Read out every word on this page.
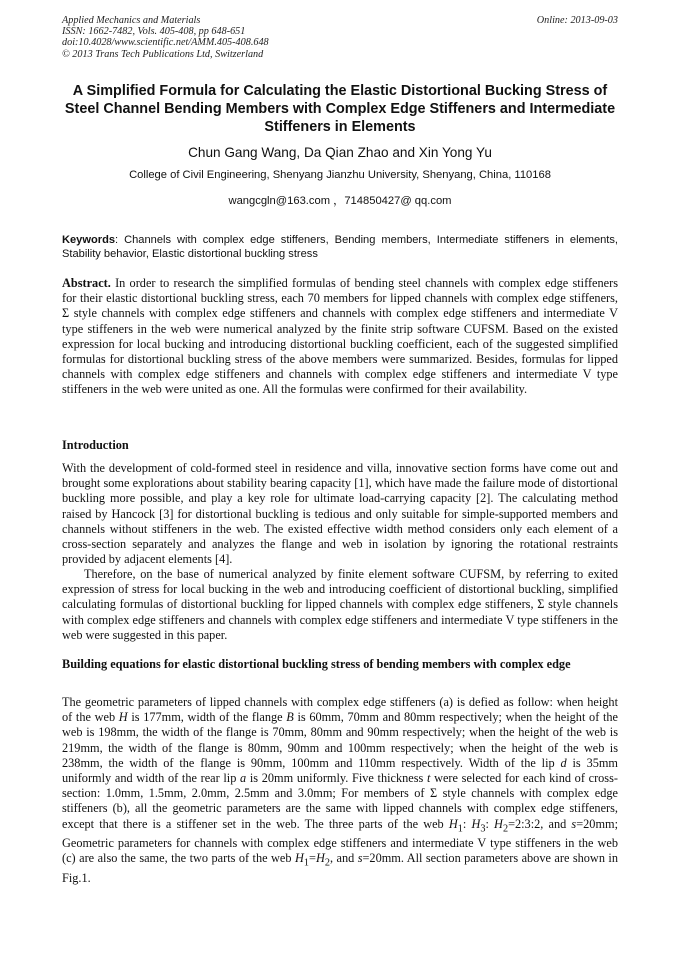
Applied Mechanics and Materials
ISSN: 1662-7482, Vols. 405-408, pp 648-651
doi:10.4028/www.scientific.net/AMM.405-408.648
© 2013 Trans Tech Publications Ltd, Switzerland
Online: 2013-09-03
A Simplified Formula for Calculating the Elastic Distortional Bucking Stress of Steel Channel Bending Members with Complex Edge Stiffeners and Intermediate Stiffeners in Elements
Chun Gang Wang, Da Qian Zhao and Xin Yong Yu
College of Civil Engineering, Shenyang Jianzhu University, Shenyang, China, 110168
wangcgln@163.com ，714850427@ qq.com
Keywords: Channels with complex edge stiffeners, Bending members, Intermediate stiffeners in elements, Stability behavior, Elastic distortional buckling stress
Abstract. In order to research the simplified formulas of bending steel channels with complex edge stiffeners for their elastic distortional buckling stress, each 70 members for lipped channels with complex edge stiffeners, Σ style channels with complex edge stiffeners and channels with complex edge stiffeners and intermediate V type stiffeners in the web were numerical analyzed by the finite strip software CUFSM. Based on the existed expression for local bucking and introducing distortional buckling coefficient, each of the suggested simplified formulas for distortional buckling stress of the above members were summarized. Besides, formulas for lipped channels with complex edge stiffeners and channels with complex edge stiffeners and intermediate V type stiffeners in the web were united as one. All the formulas were confirmed for their availability.
Introduction
With the development of cold-formed steel in residence and villa, innovative section forms have come out and brought some explorations about stability bearing capacity [1], which have made the failure mode of distortional buckling more possible, and play a key role for ultimate load-carrying capacity [2]. The calculating method raised by Hancock [3] for distortional buckling is tedious and only suitable for simple-supported members and channels without stiffeners in the web. The existed effective width method considers only each element of a cross-section separately and analyzes the flange and web in isolation by ignoring the rotational restraints provided by adjacent elements [4].
Therefore, on the base of numerical analyzed by finite element software CUFSM, by referring to exited expression of stress for local bucking in the web and introducing coefficient of distortional buckling, simplified calculating formulas of distortional buckling for lipped channels with complex edge stiffeners, Σ style channels with complex edge stiffeners and channels with complex edge stiffeners and intermediate V type stiffeners in the web were suggested in this paper.
Building equations for elastic distortional buckling stress of bending members with complex edge
The geometric parameters of lipped channels with complex edge stiffeners (a) is defied as follow: when height of the web H is 177mm, width of the flange B is 60mm, 70mm and 80mm respectively; when the height of the web is 198mm, the width of the flange is 70mm, 80mm and 90mm respectively; when the height of the web is 219mm, the width of the flange is 80mm, 90mm and 100mm respectively; when the height of the web is 238mm, the width of the flange is 90mm, 100mm and 110mm respectively. Width of the lip d is 35mm uniformly and width of the rear lip a is 20mm uniformly. Five thickness t were selected for each kind of cross-section: 1.0mm, 1.5mm, 2.0mm, 2.5mm and 3.0mm; For members of Σ style channels with complex edge stiffeners (b), all the geometric parameters are the same with lipped channels with complex edge stiffeners, except that there is a stiffener set in the web. The three parts of the web $H_1$: $H_3$: $H_2=2:3:2$, and s=20mm; Geometric parameters for channels with complex edge stiffeners and intermediate V type stiffeners in the web (c) are also the same, the two parts of the web $H_1=H_2$, and s=20mm. All section parameters above are shown in Fig.1.
